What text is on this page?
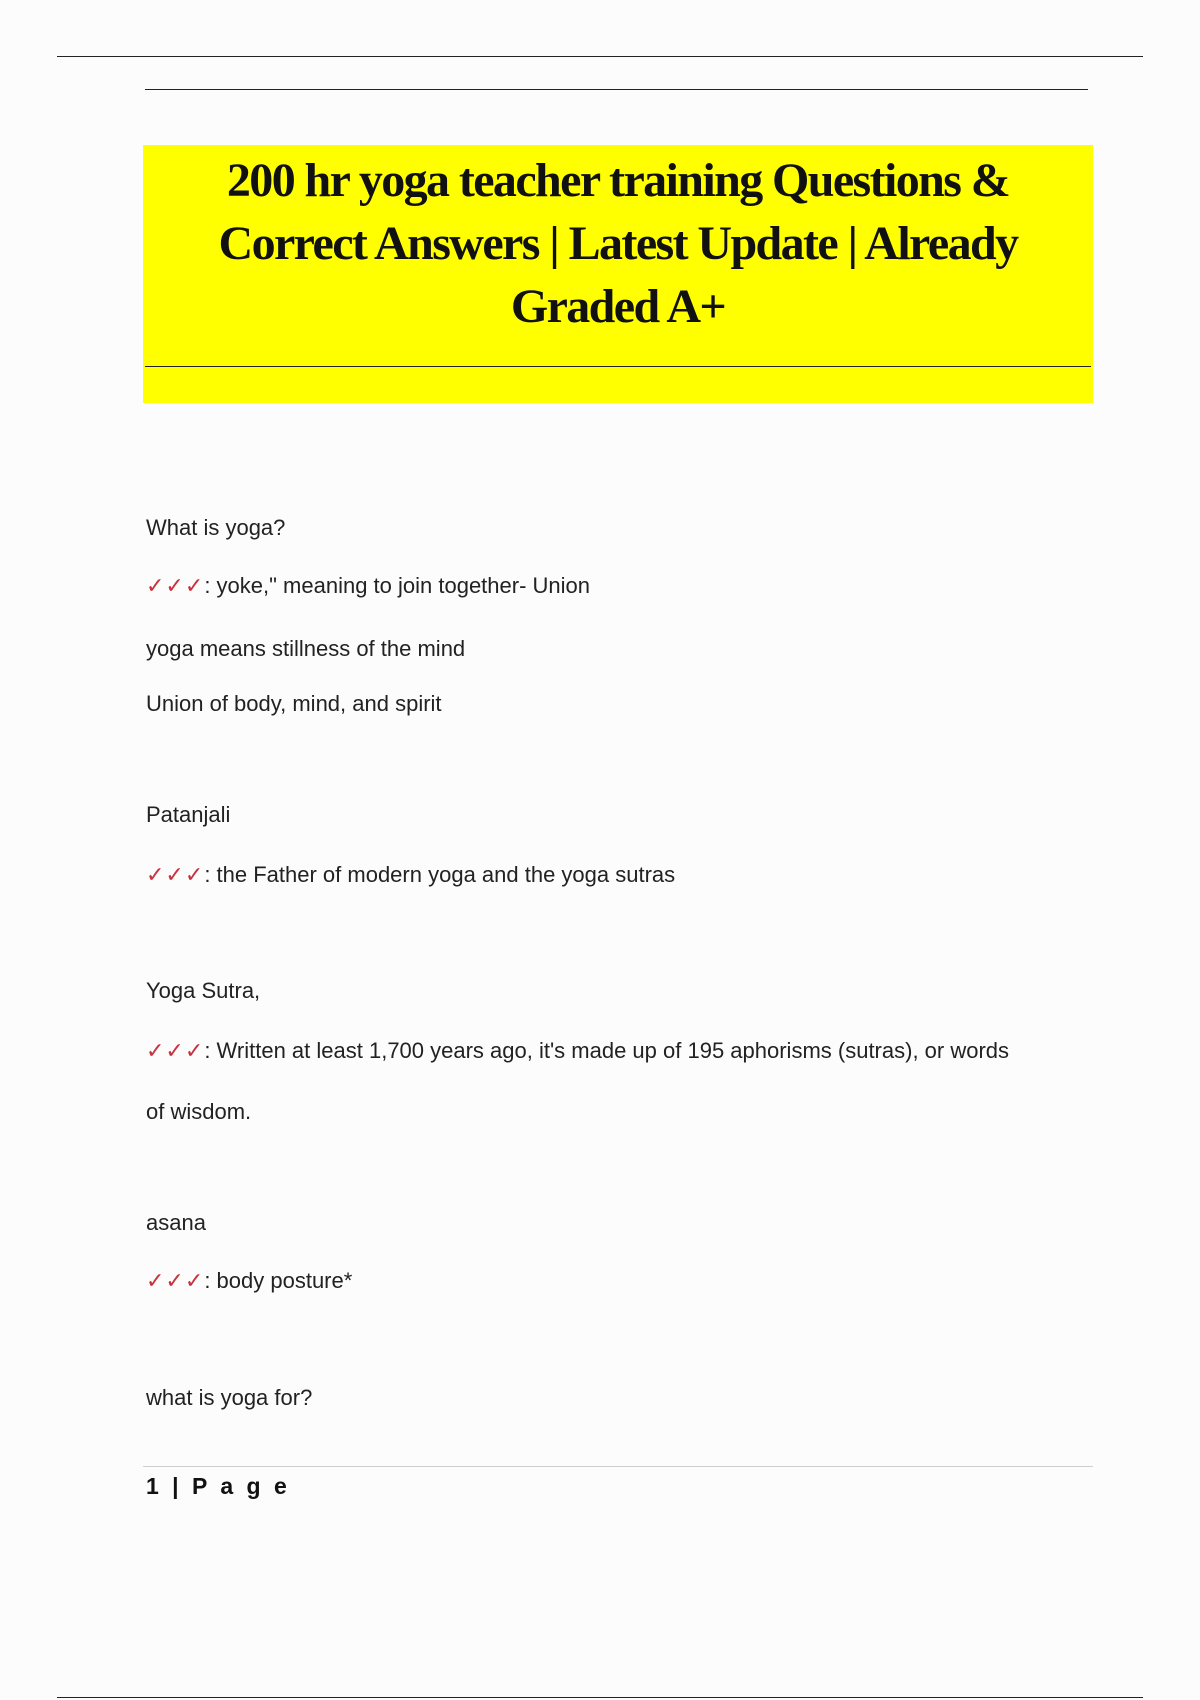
200 hr yoga teacher training Questions & Correct Answers | Latest Update | Already Graded A+
What is yoga?
✓✓✓: yoke," meaning to join together- Union
yoga means stillness of the mind
Union of body, mind, and spirit
Patanjali
✓✓✓: the Father of modern yoga and the yoga sutras
Yoga Sutra,
✓✓✓: Written at least 1,700 years ago, it's made up of 195 aphorisms (sutras), or words
of wisdom.
asana
✓✓✓: body posture*
what is yoga for?
1 | P a g e
